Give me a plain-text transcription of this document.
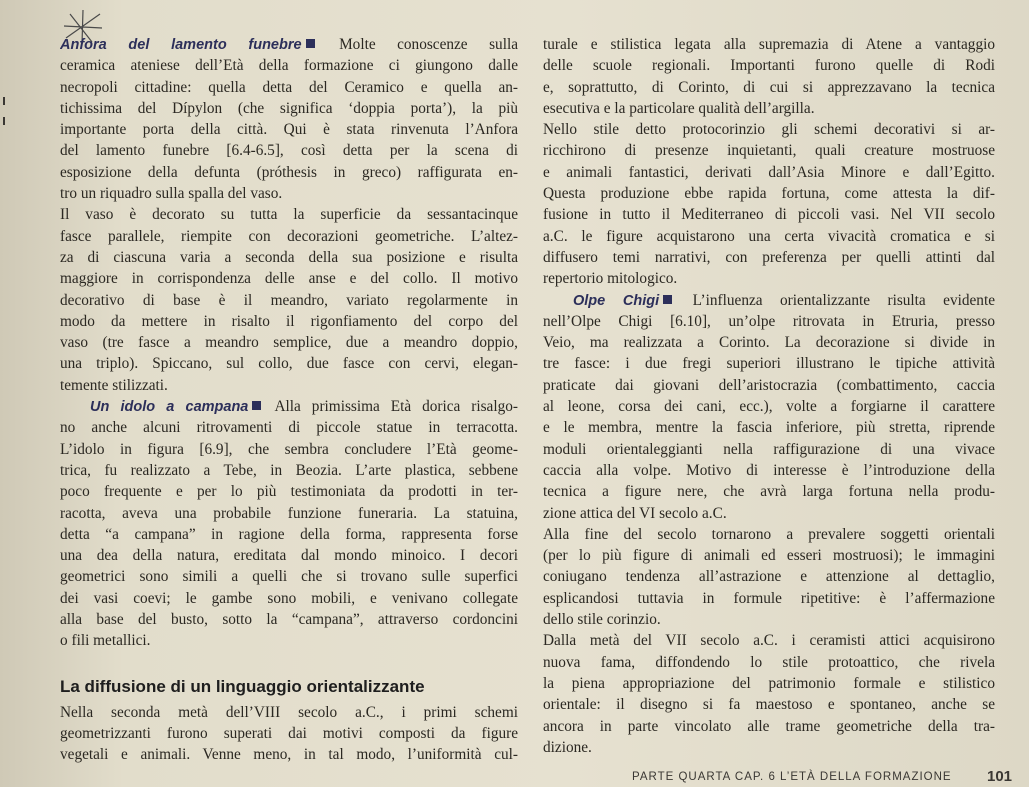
Anfora del lamento funebre Molte conoscenze sulla
ceramica ateniese dell’Età della formazione ci giungono dalle
necropoli cittadine: quella detta del Ceramico e quella an-
tichissima del Dípylon (che significa ‘doppia porta’), la più
importante porta della città. Qui è stata rinvenuta l’Anfora
del lamento funebre [6.4-6.5], così detta per la scena di
esposizione della defunta (próthesis in greco) raffigurata en-
tro un riquadro sulla spalla del vaso.
Il vaso è decorato su tutta la superficie da sessantacinque
fasce parallele, riempite con decorazioni geometriche. L’altez-
za di ciascuna varia a seconda della sua posizione e risulta
maggiore in corrispondenza delle anse e del collo. Il motivo
decorativo di base è il meandro, variato regolarmente in
modo da mettere in risalto il rigonfiamento del corpo del
vaso (tre fasce a meandro semplice, due a meandro doppio,
una triplo). Spiccano, sul collo, due fasce con cervi, elegan-
temente stilizzati.
Un idolo a campana Alla primissima Età dorica risalgo-
no anche alcuni ritrovamenti di piccole statue in terracotta.
L’idolo in figura [6.9], che sembra concludere l’Età geome-
trica, fu realizzato a Tebe, in Beozia. L’arte plastica, sebbene
poco frequente e per lo più testimoniata da prodotti in ter-
racotta, aveva una probabile funzione funeraria. La statuina,
detta “a campana” in ragione della forma, rappresenta forse
una dea della natura, ereditata dal mondo minoico. I decori
geometrici sono simili a quelli che si trovano sulle superfici
dei vasi coevi; le gambe sono mobili, e venivano collegate
alla base del busto, sotto la “campana”, attraverso cordoncini
o fili metallici.
La diffusione di un linguaggio orientalizzante
Nella seconda metà dell’VIII secolo a.C., i primi schemi
geometrizzanti furono superati dai motivi composti da figure
vegetali e animali. Venne meno, in tal modo, l’uniformità cul-
turale e stilistica legata alla supremazia di Atene a vantaggio
delle scuole regionali. Importanti furono quelle di Rodi
e, soprattutto, di Corinto, di cui si apprezzavano la tecnica
esecutiva e la particolare qualità dell’argilla.
Nello stile detto protocorinzio gli schemi decorativi si ar-
ricchirono di presenze inquietanti, quali creature mostruose
e animali fantastici, derivati dall’Asia Minore e dall’Egitto.
Questa produzione ebbe rapida fortuna, come attesta la dif-
fusione in tutto il Mediterraneo di piccoli vasi. Nel VII secolo
a.C. le figure acquistarono una certa vivacità cromatica e si
diffusero temi narrativi, con preferenza per quelli attinti dal
repertorio mitologico.
Olpe Chigi L’influenza orientalizzante risulta evidente
nell’Olpe Chigi [6.10], un’olpe ritrovata in Etruria, presso
Veio, ma realizzata a Corinto. La decorazione si divide in
tre fasce: i due fregi superiori illustrano le tipiche attività
praticate dai giovani dell’aristocrazia (combattimento, caccia
al leone, corsa dei cani, ecc.), volte a forgiarne il carattere
e le membra, mentre la fascia inferiore, più stretta, riprende
moduli orientaleggianti nella raffigurazione di una vivace
caccia alla volpe. Motivo di interesse è l’introduzione della
tecnica a figure nere, che avrà larga fortuna nella produ-
zione attica del VI secolo a.C.
Alla fine del secolo tornarono a prevalere soggetti orientali
(per lo più figure di animali ed esseri mostruosi); le immagini
coniugano tendenza all’astrazione e attenzione al dettaglio,
esplicandosi tuttavia in formule ripetitive: è l’affermazione
dello stile corinzio.
Dalla metà del VII secolo a.C. i ceramisti attici acquisirono
nuova fama, diffondendo lo stile protoattico, che rivela
la piena appropriazione del patrimonio formale e stilistico
orientale: il disegno si fa maestoso e spontaneo, anche se
ancora in parte vincolato alle trame geometriche della tra-
dizione.
PARTE QUARTA CAP. 6 L’ETÀ DELLA FORMAZIONE 101
